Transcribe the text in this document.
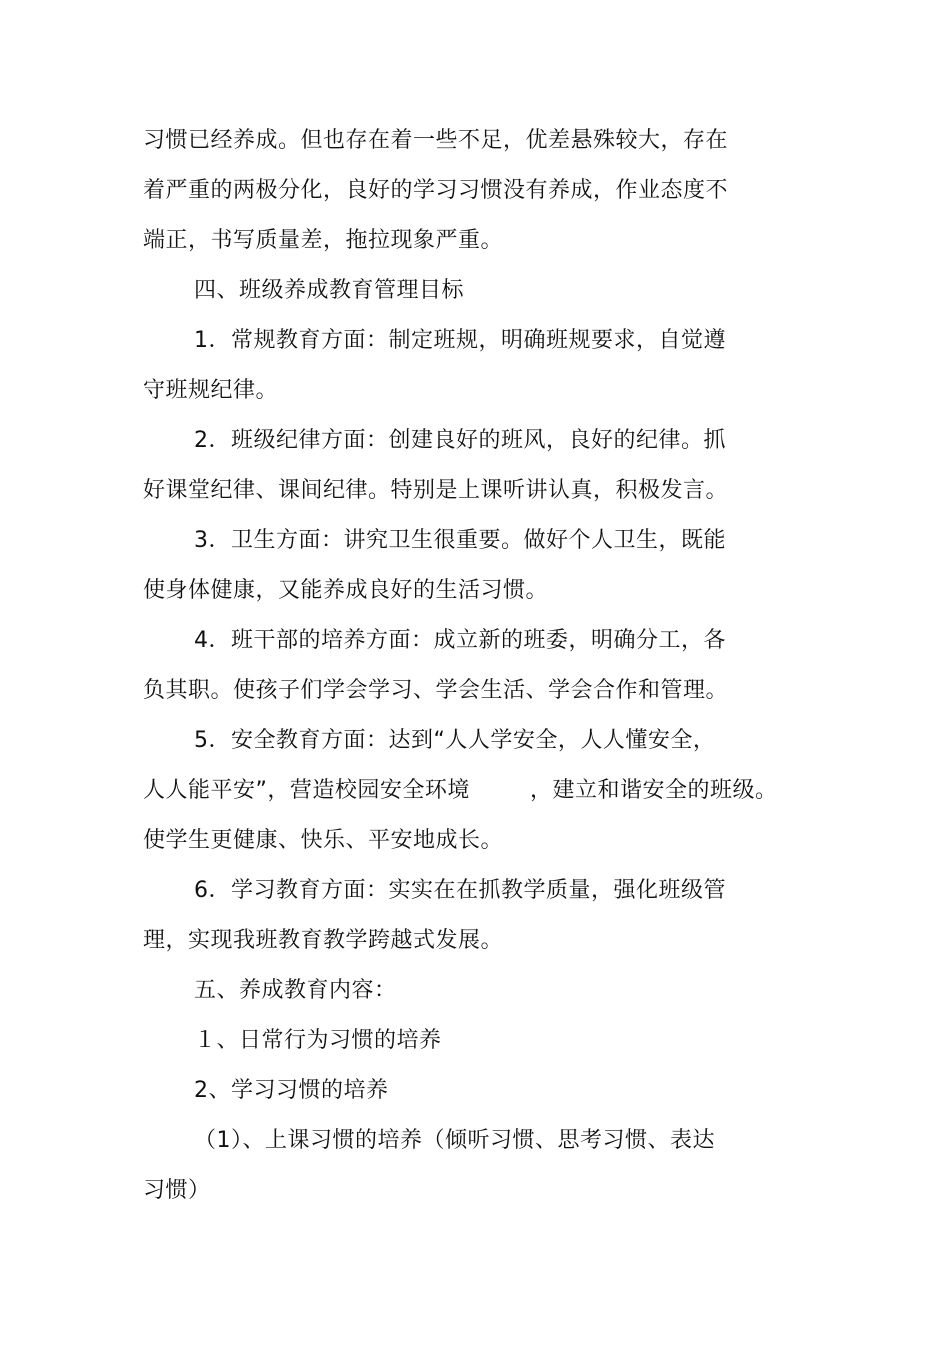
习惯已经养成。但也存在着一些不足，优差悬殊较大，存在
着严重的两极分化，良好的学习习惯没有养成，作业态度不
端正，书写质量差，拖拉现象严重。
四、班级养成教育管理目标
1．常规教育方面：制定班规，明确班规要求，自觉遵
守班规纪律。
2．班级纪律方面：创建良好的班风，良好的纪律。抓
好课堂纪律、课间纪律。特别是上课听讲认真，积极发言。
3．卫生方面：讲究卫生很重要。做好个人卫生，既能
使身体健康，又能养成良好的生活习惯。
4．班干部的培养方面：成立新的班委，明确分工，各
负其职。使孩子们学会学习、学会生活、学会合作和管理。
5．安全教育方面：达到“人人学安全，人人懂安全，
人人能平安”，营造校园安全环境	，建立和谐安全的班级。
使学生更健康、快乐、平安地成长。
6．学习教育方面：实实在在抓教学质量，强化班级管
理，实现我班教育教学跨越式发展。
五、养成教育内容：
１、日常行为习惯的培养
2、学习习惯的培养
（1）、上课习惯的培养（倾听习惯、思考习惯、表达
习惯）
